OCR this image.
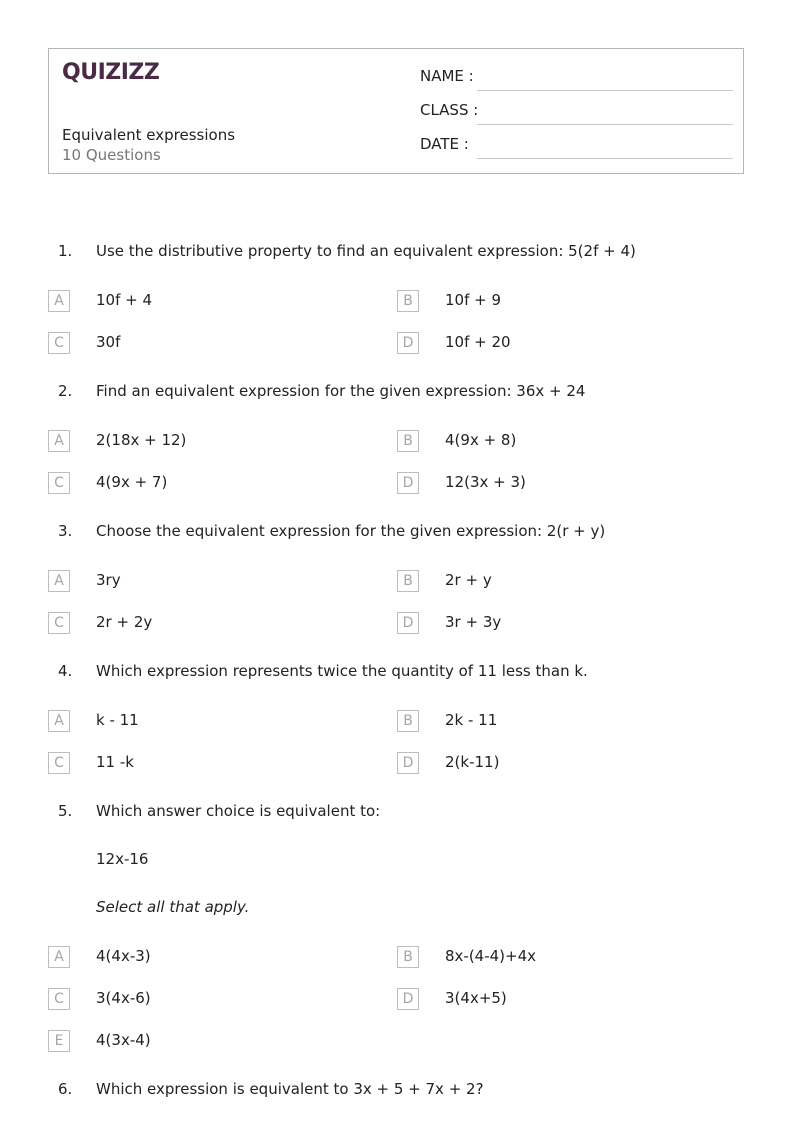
QUIZIZZ
Equivalent expressions
10 Questions
NAME :
CLASS :
DATE :
1. Use the distributive property to find an equivalent expression: 5(2f + 4)
A	10f + 4	B	10f + 9
C	30f	D	10f + 20
2. Find an equivalent expression for the given expression: 36x + 24
A	2(18x + 12)	B	4(9x + 8)
C	4(9x + 7)	D	12(3x + 3)
3. Choose the equivalent expression for the given expression: 2(r + y)
A	3ry	B	2r + y
C	2r + 2y	D	3r + 3y
4. Which expression represents twice the quantity of 11 less than k.
A	k - 11	B	2k - 11
C	11 -k	D	2(k-11)
5. Which answer choice is equivalent to:
12x-16
Select all that apply.
A	4(4x-3)	B	8x-(4-4)+4x
C	3(4x-6)	D	3(4x+5)
E	4(3x-4)
6. Which expression is equivalent to 3x + 5 + 7x + 2?
